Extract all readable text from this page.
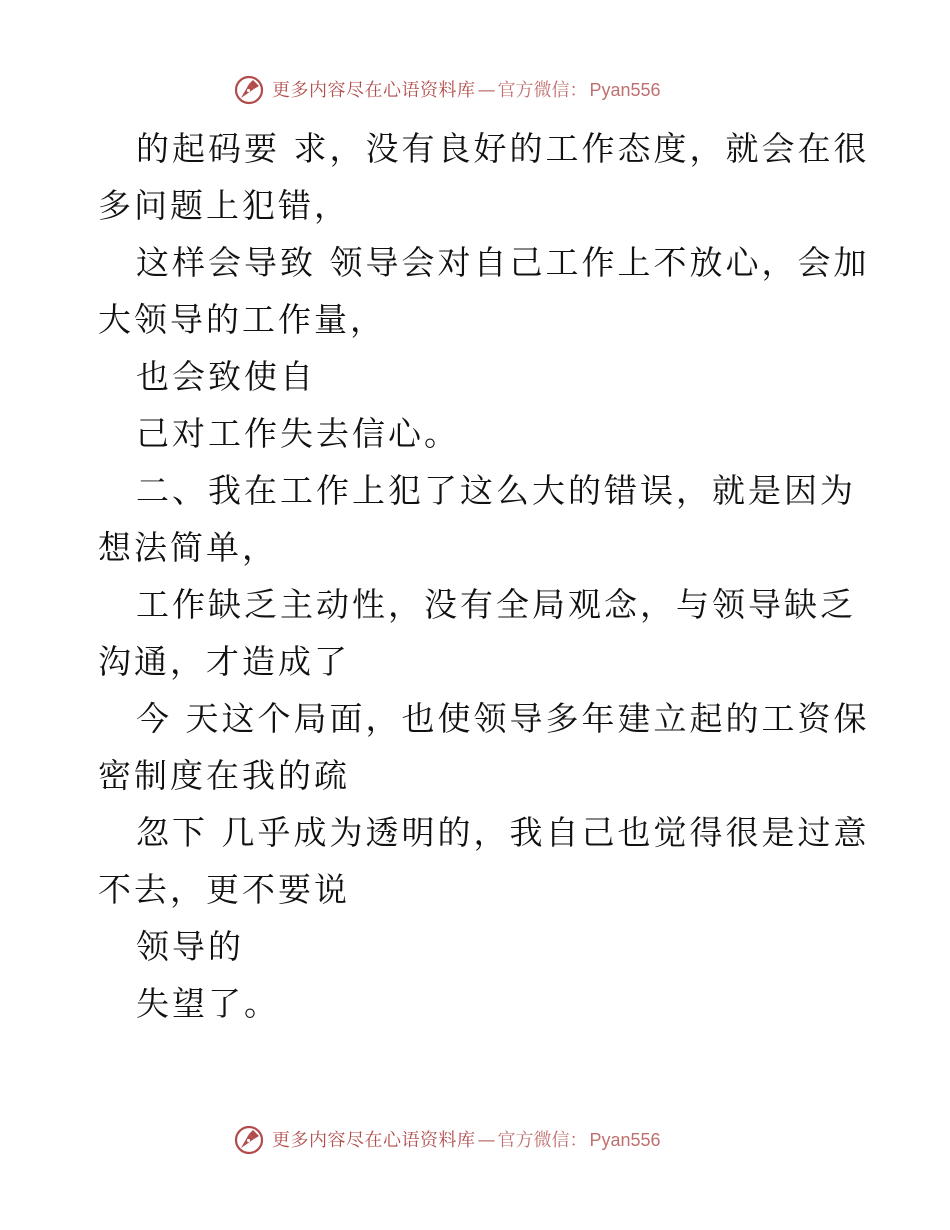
更多内容尽在心语资料库 — 官方微信： Pyan556

的起码要 求，没有良好的工作态度，就会在很多问题上犯错，

这样会导致 领导会对自己工作上不放心，会加大领导的工作量，

也会致使自

己对工作失去信心。

二、我在工作上犯了这么大的错误，就是因为想法简单，

工作缺乏主动性，没有全局观念，与领导缺乏沟通，才造成了

今 天这个局面，也使领导多年建立起的工资保密制度在我的疏

忽下 几乎成为透明的，我自己也觉得很是过意不去，更不要说

领导的

失望了。

更多内容尽在心语资料库 — 官方微信： Pyan556
